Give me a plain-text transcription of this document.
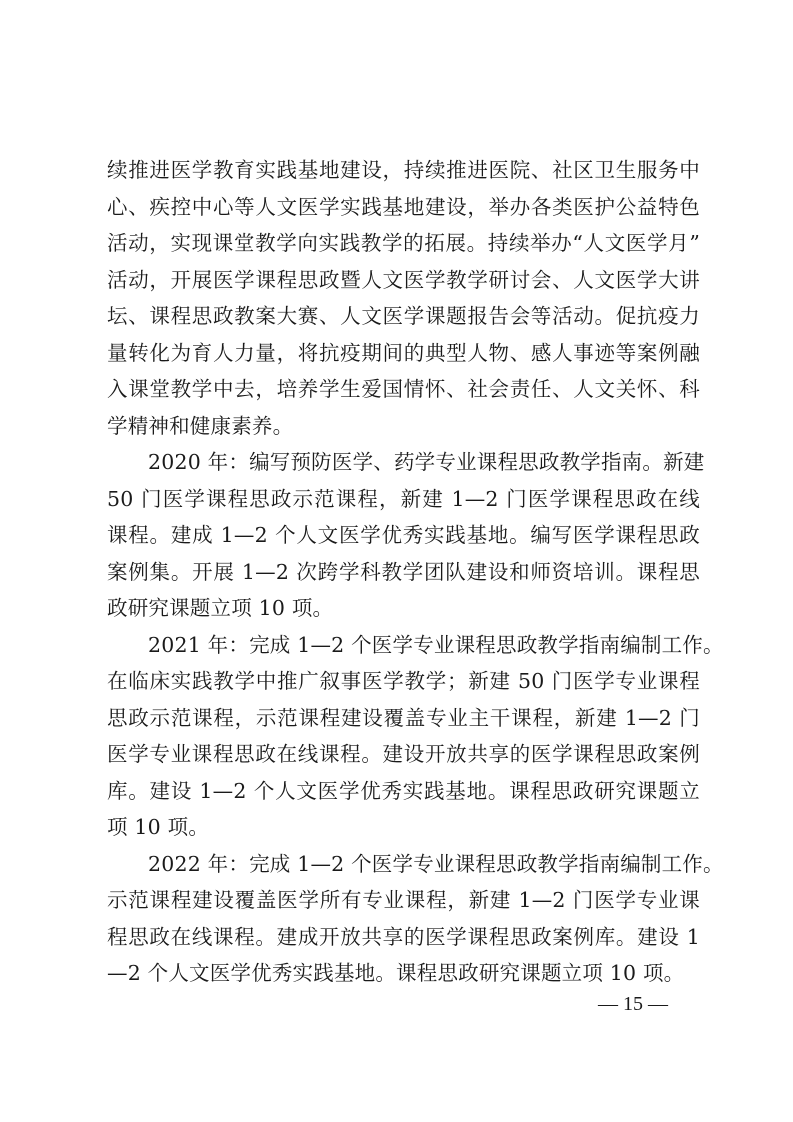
续推进医学教育实践基地建设，持续推进医院、社区卫生服务中
心、疾控中心等人文医学实践基地建设，举办各类医护公益特色
活动，实现课堂教学向实践教学的拓展。持续举办“人文医学月”
活动，开展医学课程思政暨人文医学教学研讨会、人文医学大讲
坛、课程思政教案大赛、人文医学课题报告会等活动。促抗疫力
量转化为育人力量，将抗疫期间的典型人物、感人事迹等案例融
入课堂教学中去，培养学生爱国情怀、社会责任、人文关怀、科
学精神和健康素养。
2020 年：编写预防医学、药学专业课程思政教学指南。新建
50 门医学课程思政示范课程，新建 1—2 门医学课程思政在线
课程。建成 1—2 个人文医学优秀实践基地。编写医学课程思政
案例集。开展 1—2 次跨学科教学团队建设和师资培训。课程思
政研究课题立项 10 项。
2021 年：完成 1—2 个医学专业课程思政教学指南编制工作。
在临床实践教学中推广叙事医学教学；新建 50 门医学专业课程
思政示范课程，示范课程建设覆盖专业主干课程，新建 1—2 门
医学专业课程思政在线课程。建设开放共享的医学课程思政案例
库。建设 1—2 个人文医学优秀实践基地。课程思政研究课题立
项 10 项。
2022 年：完成 1—2 个医学专业课程思政教学指南编制工作。
示范课程建设覆盖医学所有专业课程，新建 1—2 门医学专业课
程思政在线课程。建成开放共享的医学课程思政案例库。建设 1
—2 个人文医学优秀实践基地。课程思政研究课题立项 10 项。
— 15 —
